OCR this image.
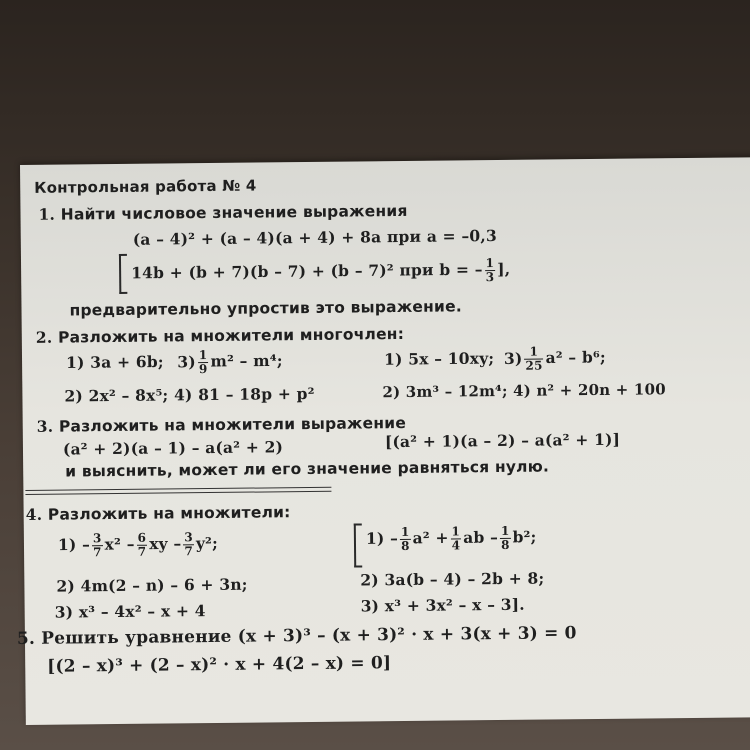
Контрольная работа № 4
1. Найти числовое значение выражения
(a – 4)² + (a – 4)(a + 4) + 8a при a = –0,3
14b + (b + 7)(b – 7) + (b – 7)² при b = – $\frac{1}{3}$ ],
предварительно упростив это выражение.
2. Разложить на множители многочлен:
1) 3a + 6b; $3) \frac{1}{9} m^2 - m^4$;	1) 5x – 10xy; $3) \frac{1}{25} a^2 - b^6$;
2) 2x² – 8x⁵; 4) 81 – 18p + p²	2) 3m³ – 12m⁴; 4) n² + 20n + 100
3. Разложить на множители выражение
(a² + 2)(a – 1) – a(a² + 2)	[(a² + 1)(a – 2) – a(a² + 1)]
и выяснить, может ли его значение равняться нулю.
4. Разложить на множители:
$1) - \frac{3}{7} x^2 - \frac{6}{7}$ xy – $\frac{3}{7} y^2$;	$1) - \frac{1}{8} a^2 + \frac{1}{4}$ ab – $\frac{1}{8} b^2$;
2) 4m(2 – n) – 6 + 3n;	2) 3a(b – 4) – 2b + 8;
3) x³ – 4x² – x + 4	3) x³ + 3x² – x – 3].
5. Решить уравнение (x + 3)³ – (x + 3)² · x + 3(x + 3) = 0
[(2 – x)³ + (2 – x)² · x + 4(2 – x) = 0]
